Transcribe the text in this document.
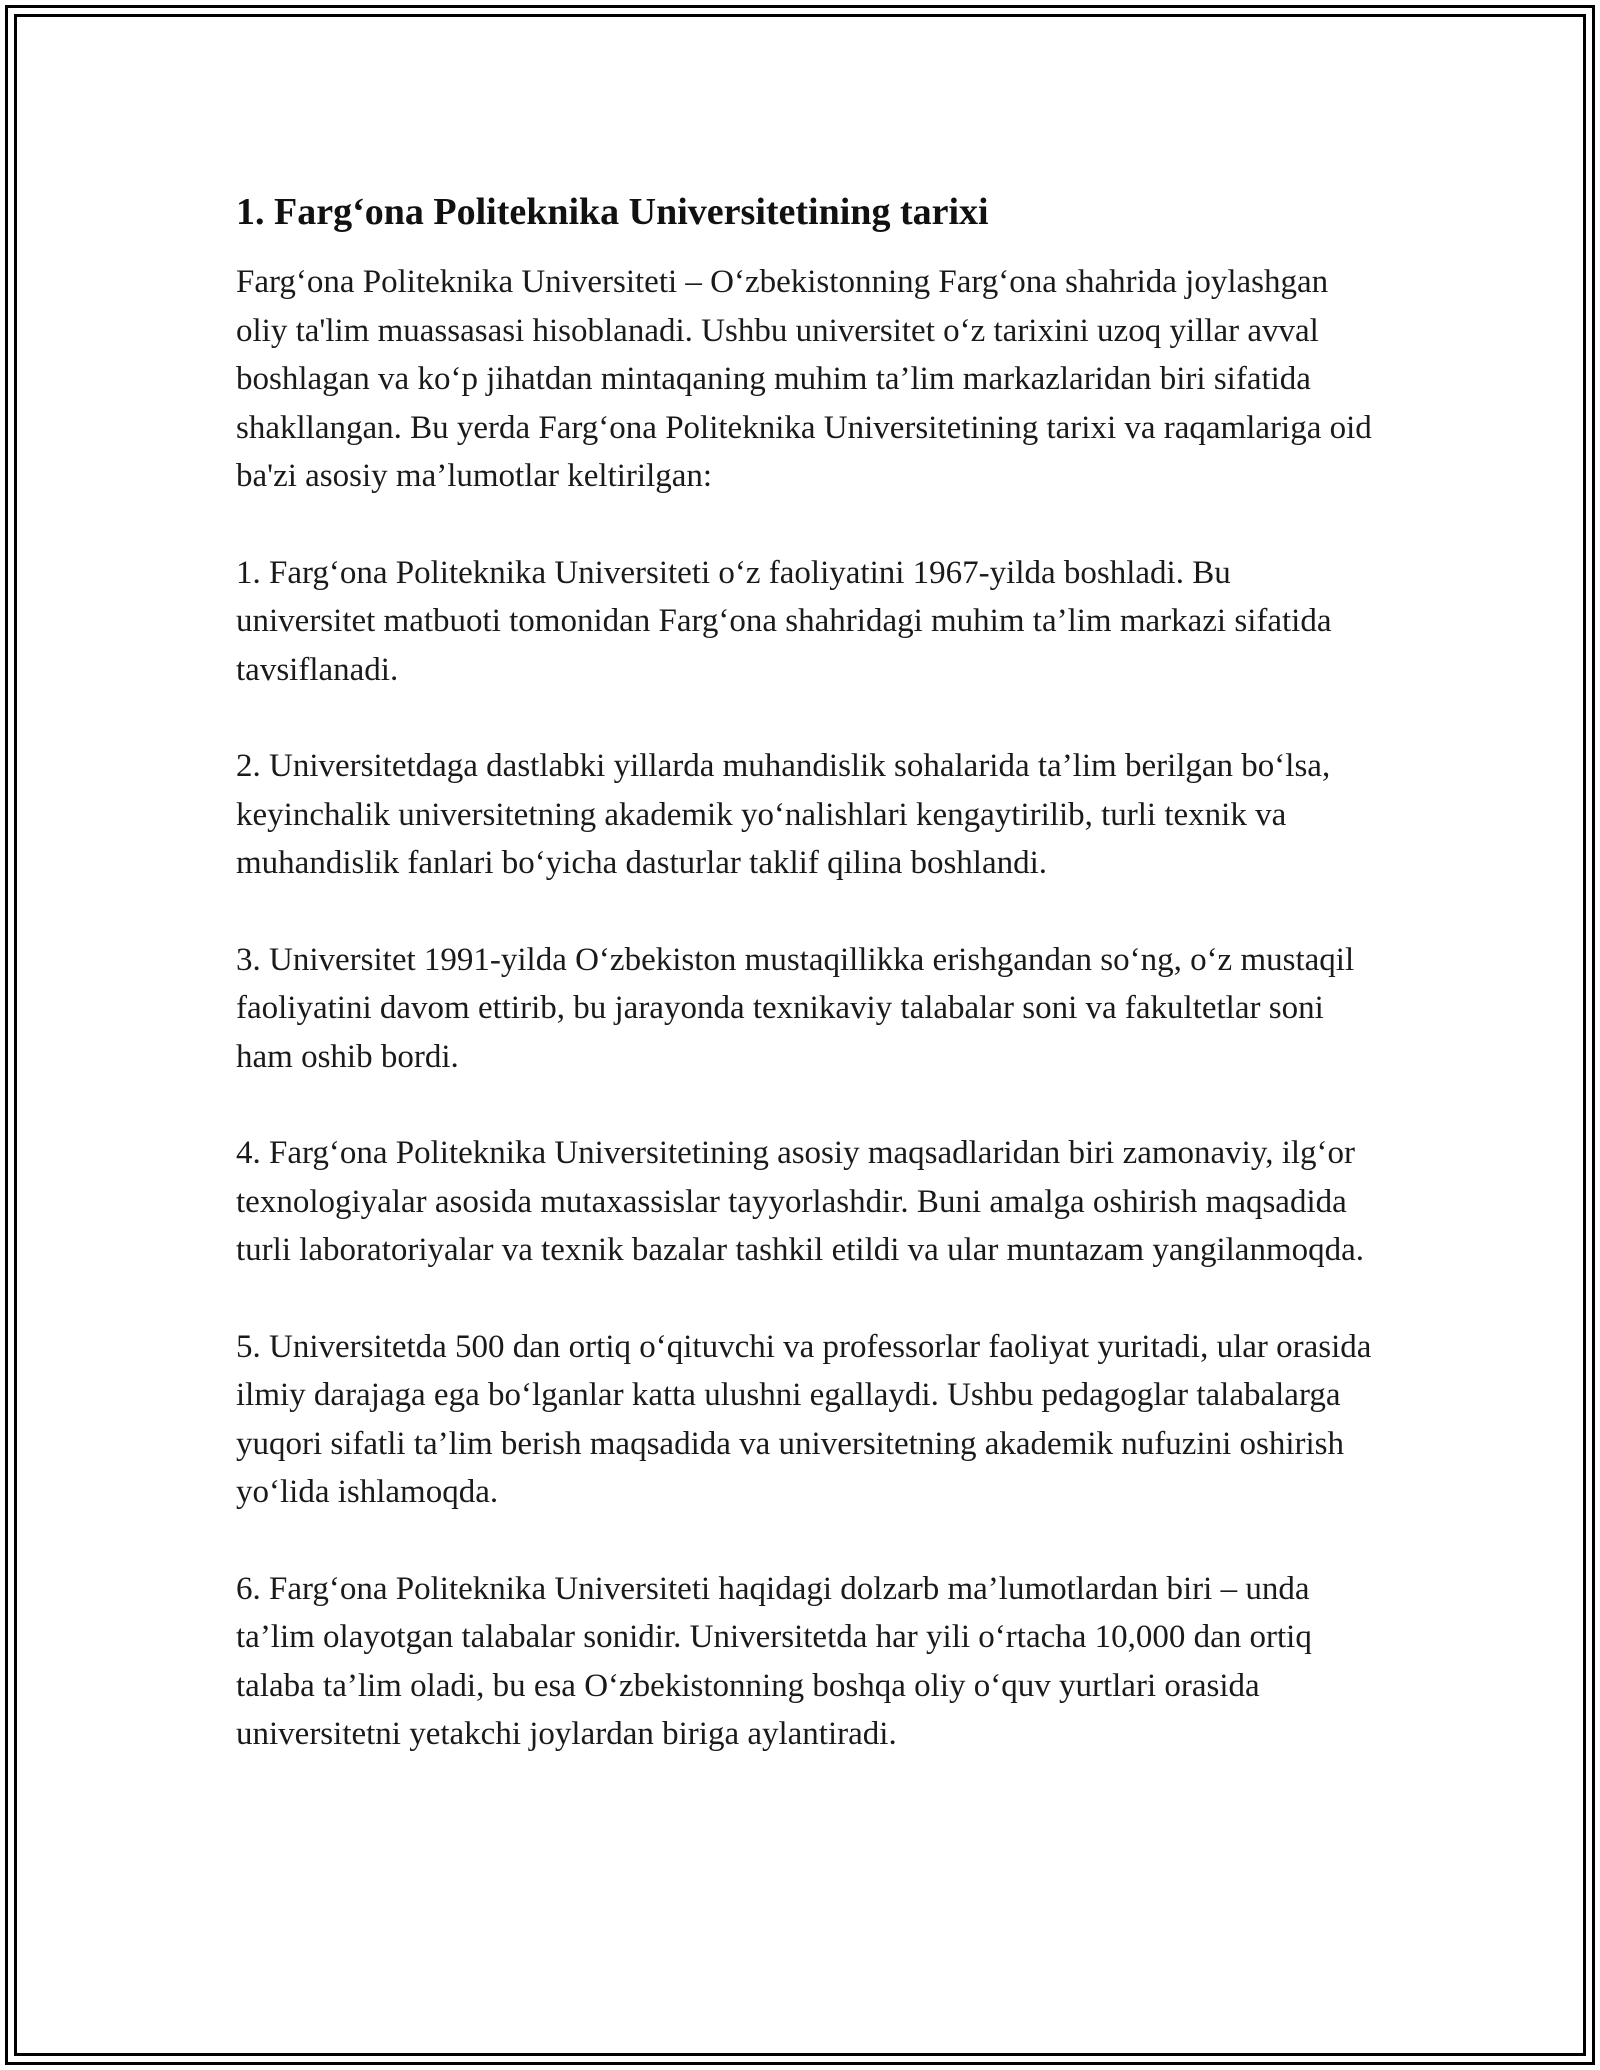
1. Farg‘ona Politeknika Universitetining tarixi

Farg‘ona Politeknika Universiteti – O‘zbekistonning Farg‘ona shahrida joylashgan oliy ta'lim muassasasi hisoblanadi. Ushbu universitet o‘z tarixini uzoq yillar avval boshlagan va ko‘p jihatdan mintaqaning muhim ta’lim markazlaridan biri sifatida shakllangan. Bu yerda Farg‘ona Politeknika Universitetining tarixi va raqamlariga oid ba'zi asosiy ma’lumotlar keltirilgan:

1. Farg‘ona Politeknika Universiteti o‘z faoliyatini 1967-yilda boshladi. Bu universitet matbuoti tomonidan Farg‘ona shahridagi muhim ta’lim markazi sifatida tavsiflanadi.

2. Universitetdaga dastlabki yillarda muhandislik sohalarida ta’lim berilgan bo‘lsa, keyinchalik universitetning akademik yo‘nalishlari kengaytirilib, turli texnik va muhandislik fanlari bo‘yicha dasturlar taklif qilina boshlandi.

3. Universitet 1991-yilda O‘zbekiston mustaqillikka erishgandan so‘ng, o‘z mustaqil faoliyatini davom ettirib, bu jarayonda texnikaviy talabalar soni va fakultetlar soni ham oshib bordi.

4. Farg‘ona Politeknika Universitetining asosiy maqsadlaridan biri zamonaviy, ilg‘or texnologiyalar asosida mutaxassislar tayyorlashdir. Buni amalga oshirish maqsadida turli laboratoriyalar va texnik bazalar tashkil etildi va ular muntazam yangilanmoqda.

5. Universitetda 500 dan ortiq o‘qituvchi va professorlar faoliyat yuritadi, ular orasida ilmiy darajaga ega bo‘lganlar katta ulushni egallaydi. Ushbu pedagoglar talabalarga yuqori sifatli ta’lim berish maqsadida va universitetning akademik nufuzini oshirish yo‘lida ishlamoqda.

6. Farg‘ona Politeknika Universiteti haqidagi dolzarb ma’lumotlardan biri – unda ta’lim olayotgan talabalar sonidir. Universitetda har yili o‘rtacha 10,000 dan ortiq talaba ta’lim oladi, bu esa O‘zbekistonning boshqa oliy o‘quv yurtlari orasida universitetni yetakchi joylardan biriga aylantiradi.
